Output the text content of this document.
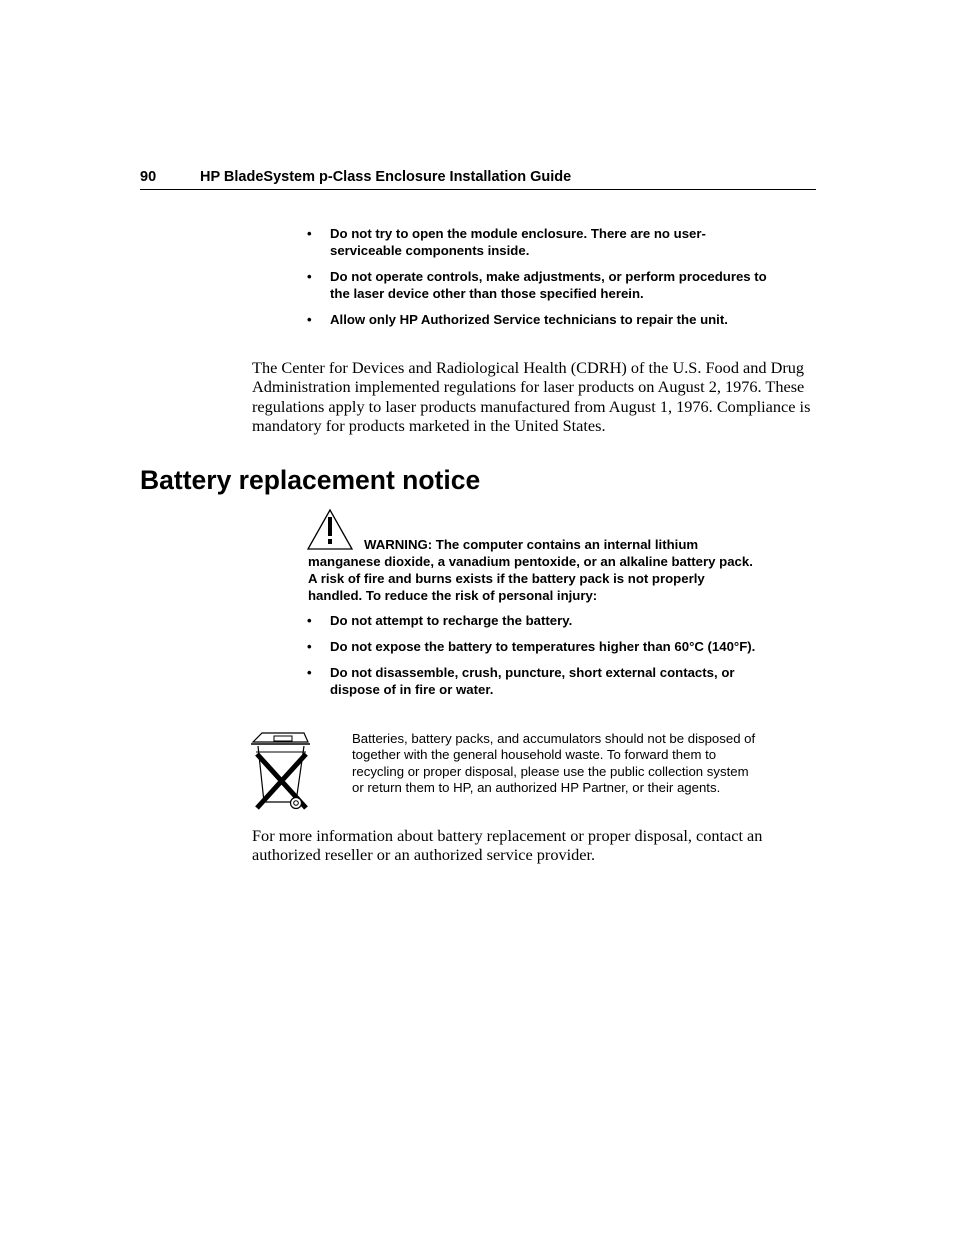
90	HP BladeSystem p-Class Enclosure Installation Guide
• Do not try to open the module enclosure. There are no user-serviceable components inside.
• Do not operate controls, make adjustments, or perform procedures to the laser device other than those specified herein.
• Allow only HP Authorized Service technicians to repair the unit.

The Center for Devices and Radiological Health (CDRH) of the U.S. Food and Drug Administration implemented regulations for laser products on August 2, 1976. These regulations apply to laser products manufactured from August 1, 1976. Compliance is mandatory for products marketed in the United States.

Battery replacement notice

WARNING: The computer contains an internal lithium manganese dioxide, a vanadium pentoxide, or an alkaline battery pack. A risk of fire and burns exists if the battery pack is not properly handled. To reduce the risk of personal injury:

• Do not attempt to recharge the battery.
• Do not expose the battery to temperatures higher than 60°C (140°F).
• Do not disassemble, crush, puncture, short external contacts, or dispose of in fire or water.

Batteries, battery packs, and accumulators should not be disposed of together with the general household waste. To forward them to recycling or proper disposal, please use the public collection system or return them to HP, an authorized HP Partner, or their agents.

For more information about battery replacement or proper disposal, contact an authorized reseller or an authorized service provider.
